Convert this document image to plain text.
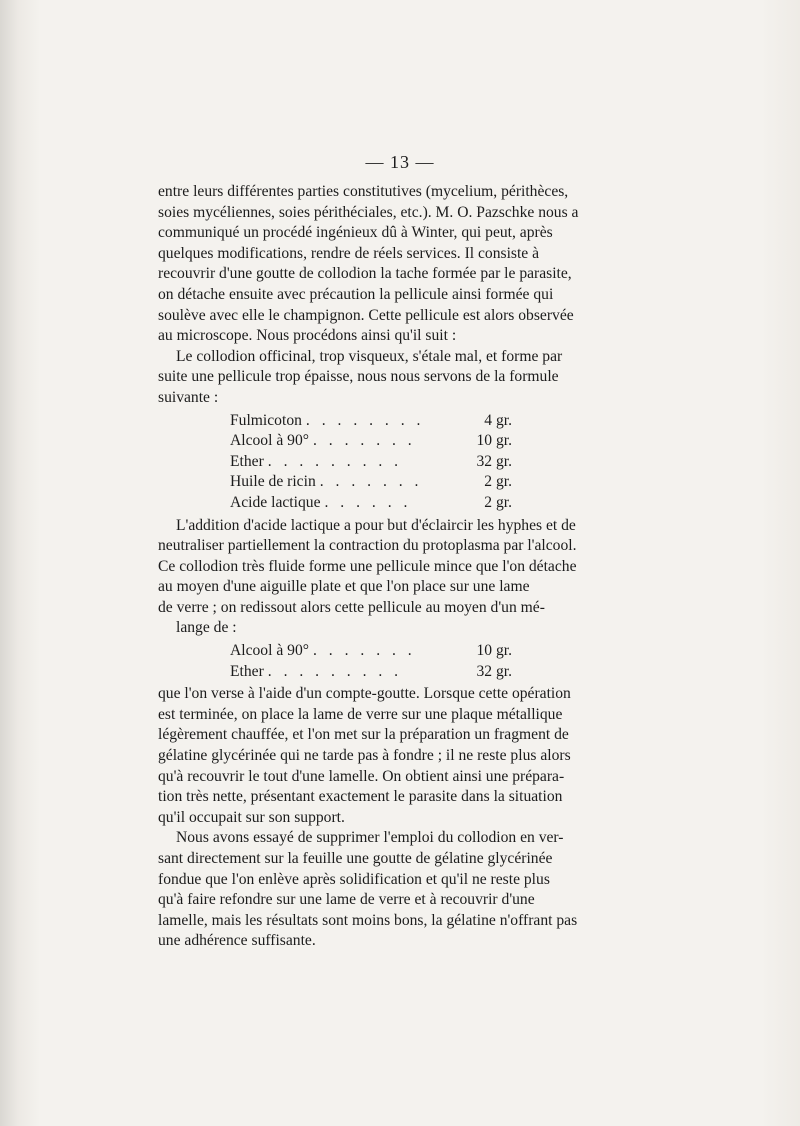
— 13 —

entre leurs différentes parties constitutives (mycelium, périthèces,

soies mycéliennes, soies périthéciales, etc.). M. O. Pazschke nous a

communiqué un procédé ingénieux dû à Winter, qui peut, après

quelques modifications, rendre de réels services. Il consiste à

recouvrir d'une goutte de collodion la tache formée par le parasite,

on détache ensuite avec précaution la pellicule ainsi formée qui

soulève avec elle le champignon. Cette pellicule est alors observée

au microscope. Nous procédons ainsi qu'il suit :

Le collodion officinal, trop visqueux, s'étale mal, et forme par

suite une pellicule trop épaisse, nous nous servons de la formule

suivante :

Fulmicoton . . . . . . . .	4 gr.
Alcool à 90° . . . . . . .	10 gr.
Ether . . . . . . . . .	32 gr.
Huile de ricin . . . . . . .	2 gr.
Acide lactique . . . . . .	2 gr.

L'addition d'acide lactique a pour but d'éclaircir les hyphes et de

neutraliser partiellement la contraction du protoplasma par l'alcool.

Ce collodion très fluide forme une pellicule mince que l'on détache

au moyen d'une aiguille plate et que l'on place sur une lame

de verre ; on redissout alors cette pellicule au moyen d'un mé-

lange de :

Alcool à 90° . . . . . . .	10 gr.
Ether . . . . . . . . .	32 gr.

que l'on verse à l'aide d'un compte-goutte. Lorsque cette opération

est terminée, on place la lame de verre sur une plaque métallique

légèrement chauffée, et l'on met sur la préparation un fragment de

gélatine glycérinée qui ne tarde pas à fondre ; il ne reste plus alors

qu'à recouvrir le tout d'une lamelle. On obtient ainsi une prépara-

tion très nette, présentant exactement le parasite dans la situation

qu'il occupait sur son support.

Nous avons essayé de supprimer l'emploi du collodion en ver-

sant directement sur la feuille une goutte de gélatine glycérinée

fondue que l'on enlève après solidification et qu'il ne reste plus

qu'à faire refondre sur une lame de verre et à recouvrir d'une

lamelle, mais les résultats sont moins bons, la gélatine n'offrant pas

une adhérence suffisante.
